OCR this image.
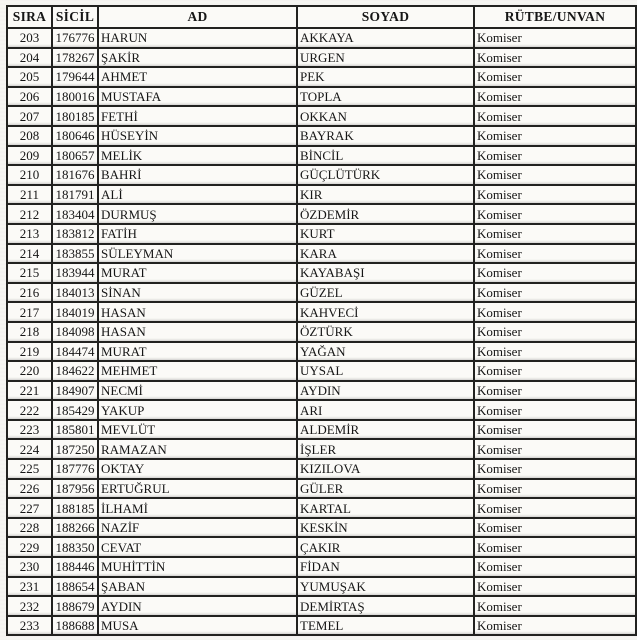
SIRA	SİCİL	AD	SOYAD	RÜTBE/UNVAN
203	176776	HARUN	AKKAYA	Komiser
204	178267	ŞAKİR	URGEN	Komiser
205	179644	AHMET	PEK	Komiser
206	180016	MUSTAFA	TOPLA	Komiser
207	180185	FETHİ	OKKAN	Komiser
208	180646	HÜSEYİN	BAYRAK	Komiser
209	180657	MELİK	BİNCİL	Komiser
210	181676	BAHRİ	GÜÇLÜTÜRK	Komiser
211	181791	ALİ	KIR	Komiser
212	183404	DURMUŞ	ÖZDEMİR	Komiser
213	183812	FATİH	KURT	Komiser
214	183855	SÜLEYMAN	KARA	Komiser
215	183944	MURAT	KAYABAŞI	Komiser
216	184013	SİNAN	GÜZEL	Komiser
217	184019	HASAN	KAHVECİ	Komiser
218	184098	HASAN	ÖZTÜRK	Komiser
219	184474	MURAT	YAĞAN	Komiser
220	184622	MEHMET	UYSAL	Komiser
221	184907	NECMİ	AYDIN	Komiser
222	185429	YAKUP	ARI	Komiser
223	185801	MEVLÜT	ALDEMİR	Komiser
224	187250	RAMAZAN	İŞLER	Komiser
225	187776	OKTAY	KIZILOVA	Komiser
226	187956	ERTUĞRUL	GÜLER	Komiser
227	188185	İLHAMİ	KARTAL	Komiser
228	188266	NAZİF	KESKİN	Komiser
229	188350	CEVAT	ÇAKIR	Komiser
230	188446	MUHİTTİN	FİDAN	Komiser
231	188654	ŞABAN	YUMUŞAK	Komiser
232	188679	AYDIN	DEMİRTAŞ	Komiser
233	188688	MUSA	TEMEL	Komiser
